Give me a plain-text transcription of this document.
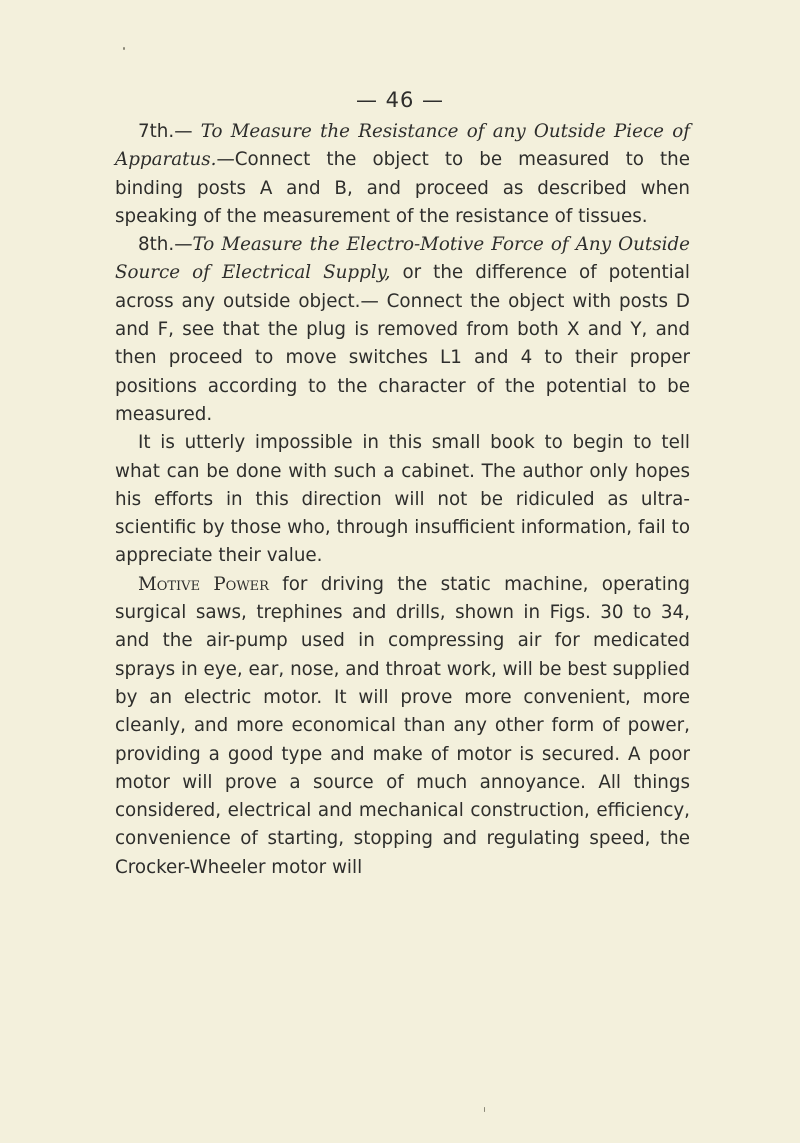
— 46 —

7th.— To Measure the Resistance of any Outside Piece of Apparatus.—Connect the object to be measured to the binding posts A and B, and proceed as described when speaking of the measurement of the resistance of tissues.

8th.—To Measure the Electro-Motive Force of Any Outside Source of Electrical Supply, or the difference of potential across any outside object.— Connect the object with posts D and F, see that the plug is removed from both X and Y, and then proceed to move switches L1 and 4 to their proper positions according to the character of the potential to be measured.

It is utterly impossible in this small book to begin to tell what can be done with such a cabinet. The author only hopes his efforts in this direction will not be ridiculed as ultra-scientific by those who, through insufficient information, fail to appreciate their value.

Motive Power for driving the static machine, operating surgical saws, trephines and drills, shown in Figs. 30 to 34, and the air-pump used in compressing air for medicated sprays in eye, ear, nose, and throat work, will be best supplied by an electric motor. It will prove more convenient, more cleanly, and more economical than any other form of power, providing a good type and make of motor is secured. A poor motor will prove a source of much annoyance. All things considered, electrical and mechanical construction, efficiency, convenience of starting, stopping and regulating speed, the Crocker-Wheeler motor will
